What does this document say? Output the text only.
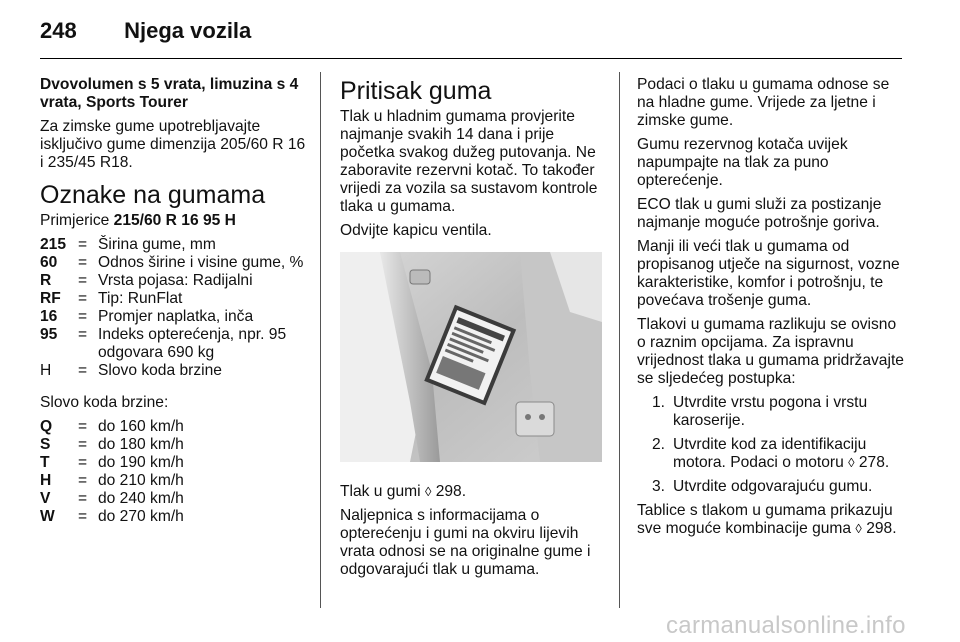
248 Njega vozila

Dvovolumen s 5 vrata, limuzina s 4 vrata, Sports Tourer

Za zimske gume upotrebljavajte isključivo gume dimenzija 205/60 R 16 i 235/45 R18.

Oznake na gumama

Primjerice 215/60 R 16 95 H

215	=	Širina gume, mm
60	=	Odnos širine i visine gume, %
R	=	Vrsta pojasa: Radijalni
RF	=	Tip: RunFlat
16	=	Promjer naplatka, inča
95	=	Indeks opterećenja, npr. 95 odgovara 690 kg
H	=	Slovo koda brzine

Slovo koda brzine:

Q	=	do 160 km/h
S	=	do 180 km/h
T	=	do 190 km/h
H	=	do 210 km/h
V	=	do 240 km/h
W	=	do 270 km/h
Pritisak guma

Tlak u hladnim gumama provjerite najmanje svakih 14 dana i prije početka svakog dužeg putovanja. Ne zaboravite rezervni kotač. To također vrijedi za vozila sa sustavom kontrole tlaka u gumama.

Odvijte kapicu ventila.

Tlak u gumi ◊ 298.

Naljepnica s informacijama o opterećenju i gumi na okviru lijevih vrata odnosi se na originalne gume i odgovarajući tlak u gumama.

Podaci o tlaku u gumama odnose se na hladne gume. Vrijede za ljetne i zimske gume.

Gumu rezervnog kotača uvijek napumpajte na tlak za puno opterećenje.

ECO tlak u gumi služi za postizanje najmanje moguće potrošnje goriva.

Manji ili veći tlak u gumama od propisanog utječe na sigurnost, vozne karakteristike, komfor i potrošnju, te povećava trošenje guma.

Tlakovi u gumama razlikuju se ovisno o raznim opcijama. Za ispravnu vrijednost tlaka u gumama pridržavajte se sljedećeg postupka:

1. Utvrdite vrstu pogona i vrstu karoserije.
2. Utvrdite kod za identifikaciju motora. Podaci o motoru ◊ 278.
3. Utvrdite odgovarajuću gumu.

Tablice s tlakom u gumama prikazuju sve moguće kombinacije guma ◊ 298.

carmanualsonline.info
